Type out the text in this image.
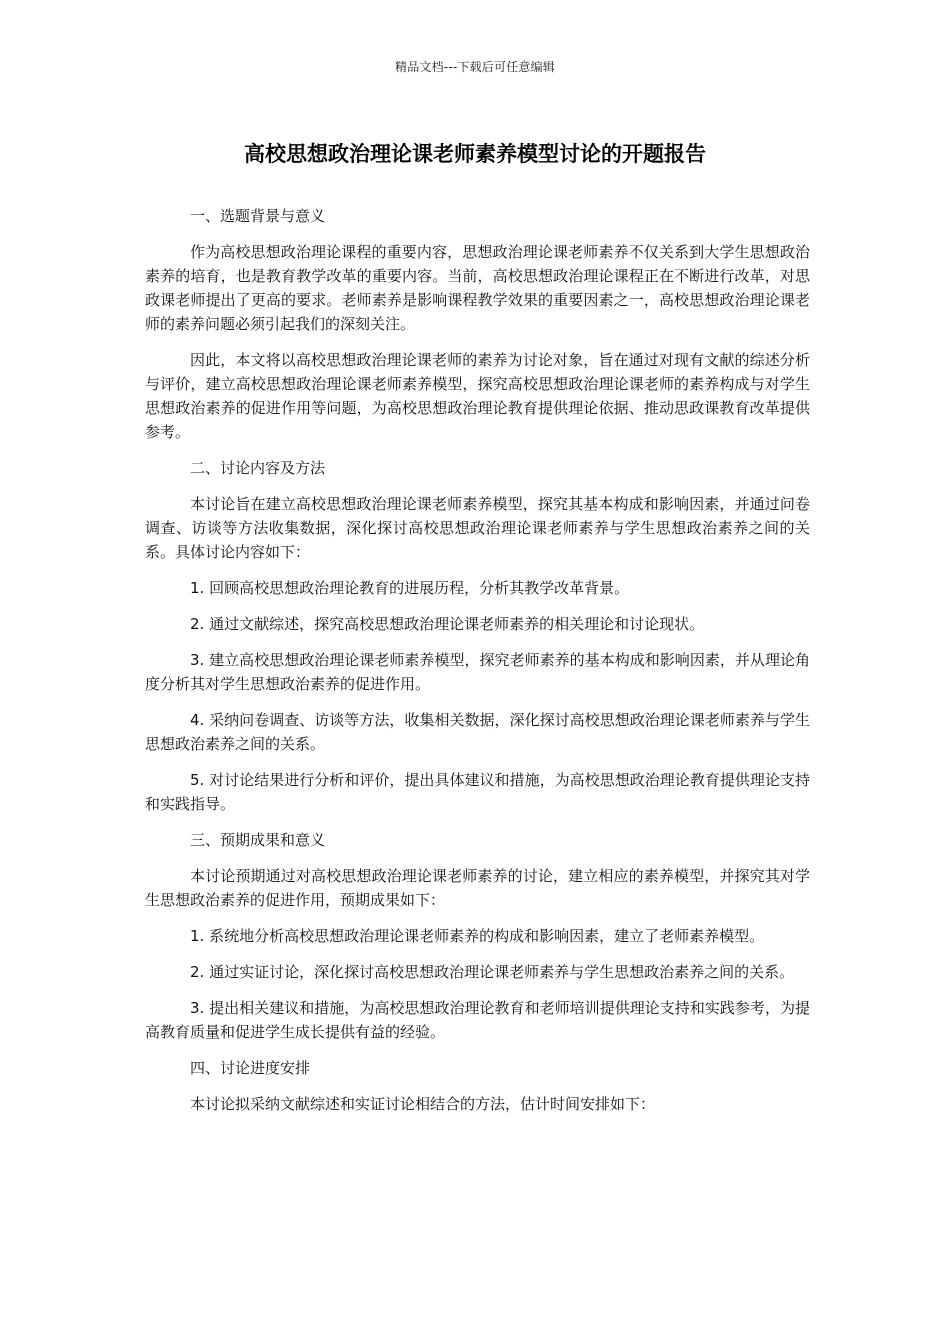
精品文档---下载后可任意编辑
高校思想政治理论课老师素养模型讨论的开题报告

一、选题背景与意义

作为高校思想政治理论课程的重要内容，思想政治理论课老师素养不仅关系到大学生思想政治素养的培育，也是教育教学改革的重要内容。当前，高校思想政治理论课程正在不断进行改革，对思政课老师提出了更高的要求。老师素养是影响课程教学效果的重要因素之一，高校思想政治理论课老师的素养问题必须引起我们的深刻关注。

因此，本文将以高校思想政治理论课老师的素养为讨论对象，旨在通过对现有文献的综述分析与评价，建立高校思想政治理论课老师素养模型，探究高校思想政治理论课老师的素养构成与对学生思想政治素养的促进作用等问题，为高校思想政治理论教育提供理论依据、推动思政课教育改革提供参考。

二、讨论内容及方法

本讨论旨在建立高校思想政治理论课老师素养模型，探究其基本构成和影响因素，并通过问卷调查、访谈等方法收集数据，深化探讨高校思想政治理论课老师素养与学生思想政治素养之间的关系。具体讨论内容如下：

1. 回顾高校思想政治理论教育的进展历程，分析其教学改革背景。

2. 通过文献综述，探究高校思想政治理论课老师素养的相关理论和讨论现状。

3. 建立高校思想政治理论课老师素养模型，探究老师素养的基本构成和影响因素，并从理论角度分析其对学生思想政治素养的促进作用。

4. 采纳问卷调查、访谈等方法，收集相关数据，深化探讨高校思想政治理论课老师素养与学生思想政治素养之间的关系。

5. 对讨论结果进行分析和评价，提出具体建议和措施，为高校思想政治理论教育提供理论支持和实践指导。

三、预期成果和意义

本讨论预期通过对高校思想政治理论课老师素养的讨论，建立相应的素养模型，并探究其对学生思想政治素养的促进作用，预期成果如下：

1. 系统地分析高校思想政治理论课老师素养的构成和影响因素，建立了老师素养模型。

2. 通过实证讨论，深化探讨高校思想政治理论课老师素养与学生思想政治素养之间的关系。

3. 提出相关建议和措施，为高校思想政治理论教育和老师培训提供理论支持和实践参考，为提高教育质量和促进学生成长提供有益的经验。

四、讨论进度安排

本讨论拟采纳文献综述和实证讨论相结合的方法，估计时间安排如下：
